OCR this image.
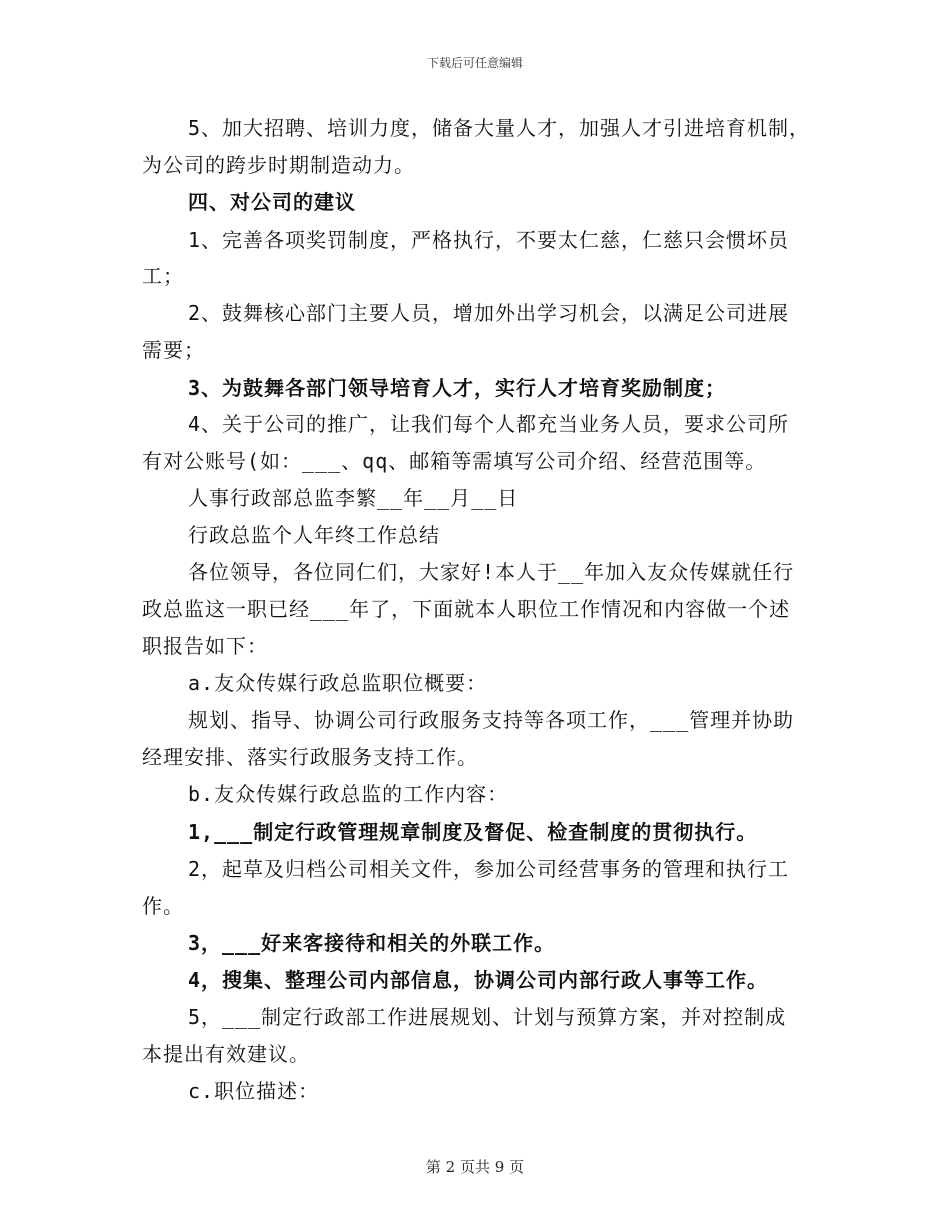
下载后可任意编辑
5、加大招聘、培训力度，储备大量人才，加强人才引进培育机制，
为公司的跨步时期制造动力。
四、对公司的建议
1、完善各项奖罚制度，严格执行，不要太仁慈，仁慈只会惯坏员
工；
2、鼓舞核心部门主要人员，增加外出学习机会，以满足公司进展
需要；
3、为鼓舞各部门领导培育人才，实行人才培育奖励制度；
4、关于公司的推广，让我们每个人都充当业务人员，要求公司所
有对公账号(如：___、qq、邮箱等需填写公司介绍、经营范围等。
人事行政部总监李繁__年__月__日
行政总监个人年终工作总结
各位领导，各位同仁们，大家好!本人于__年加入友众传媒就任行
政总监这一职已经___年了，下面就本人职位工作情况和内容做一个述
职报告如下：
a.友众传媒行政总监职位概要：
规划、指导、协调公司行政服务支持等各项工作，___管理并协助
经理安排、落实行政服务支持工作。
b.友众传媒行政总监的工作内容：
1,___制定行政管理规章制度及督促、检查制度的贯彻执行。
2，起草及归档公司相关文件，参加公司经营事务的管理和执行工
作。
3，___好来客接待和相关的外联工作。
4，搜集、整理公司内部信息，协调公司内部行政人事等工作。
5，___制定行政部工作进展规划、计划与预算方案，并对控制成
本提出有效建议。
c.职位描述：
第 2 页共 9 页
